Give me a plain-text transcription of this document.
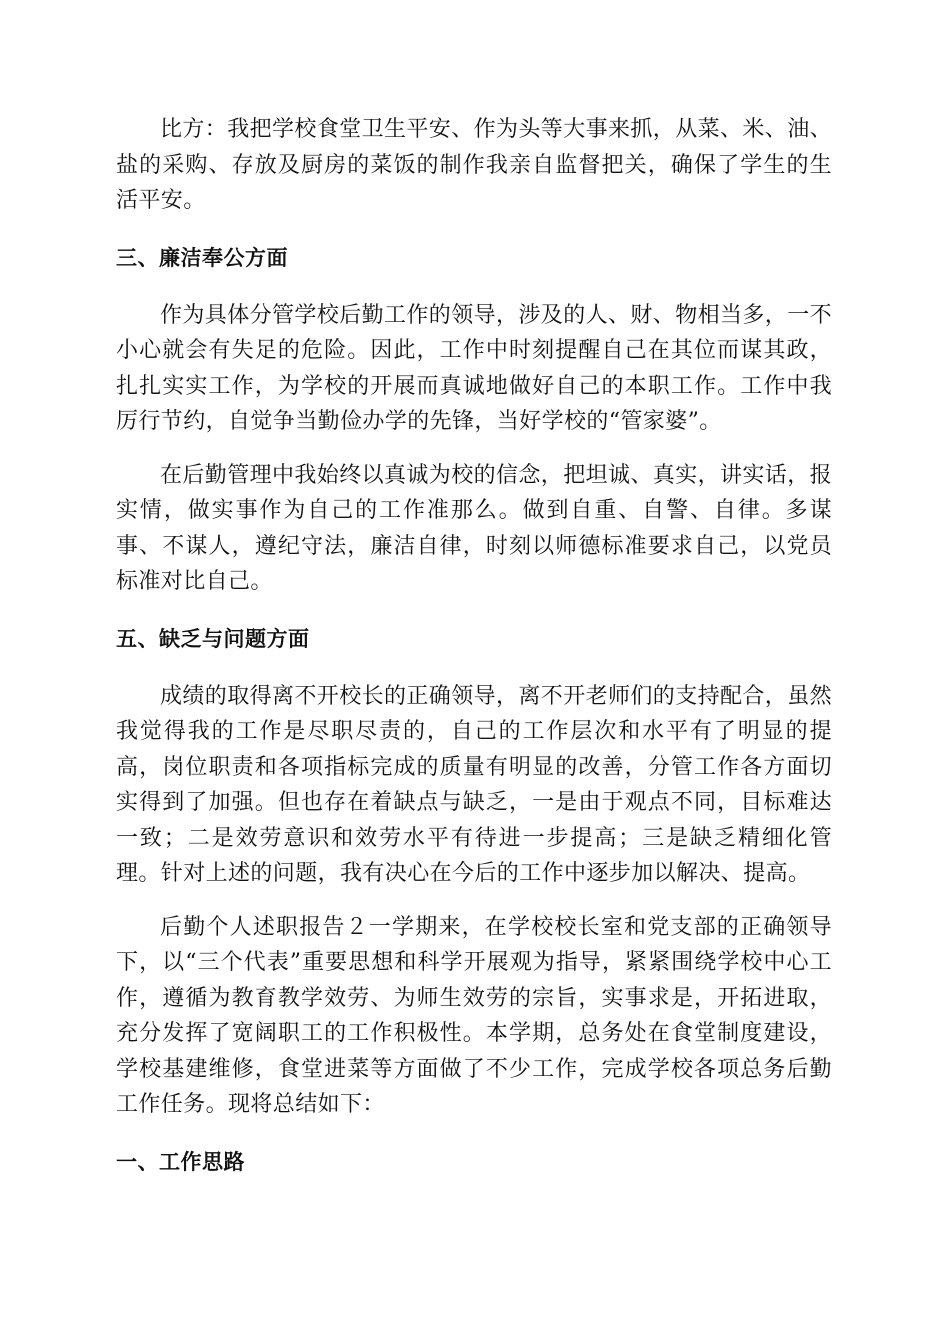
比方：我把学校食堂卫生平安、作为头等大事来抓，从菜、米、油、盐的采购、存放及厨房的菜饭的制作我亲自监督把关，确保了学生的生活平安。

三、廉洁奉公方面

作为具体分管学校后勤工作的领导，涉及的人、财、物相当多，一不小心就会有失足的危险。因此，工作中时刻提醒自己在其位而谋其政，扎扎实实工作，为学校的开展而真诚地做好自己的本职工作。工作中我厉行节约，自觉争当勤俭办学的先锋，当好学校的“管家婆”。

在后勤管理中我始终以真诚为校的信念，把坦诚、真实，讲实话，报实情，做实事作为自己的工作准那么。做到自重、自警、自律。多谋事、不谋人，遵纪守法，廉洁自律，时刻以师德标准要求自己，以党员标准对比自己。

五、缺乏与问题方面

成绩的取得离不开校长的正确领导，离不开老师们的支持配合，虽然我觉得我的工作是尽职尽责的，自己的工作层次和水平有了明显的提高，岗位职责和各项指标完成的质量有明显的改善，分管工作各方面切实得到了加强。但也存在着缺点与缺乏，一是由于观点不同，目标难达一致；二是效劳意识和效劳水平有待进一步提高；三是缺乏精细化管理。针对上述的问题，我有决心在今后的工作中逐步加以解决、提高。

后勤个人述职报告２一学期来，在学校校长室和党支部的正确领导下，以“三个代表”重要思想和科学开展观为指导，紧紧围绕学校中心工作，遵循为教育教学效劳、为师生效劳的宗旨，实事求是，开拓进取，充分发挥了宽阔职工的工作积极性。本学期，总务处在食堂制度建设，学校基建维修，食堂进菜等方面做了不少工作，完成学校各项总务后勤工作任务。现将总结如下：

一、工作思路
